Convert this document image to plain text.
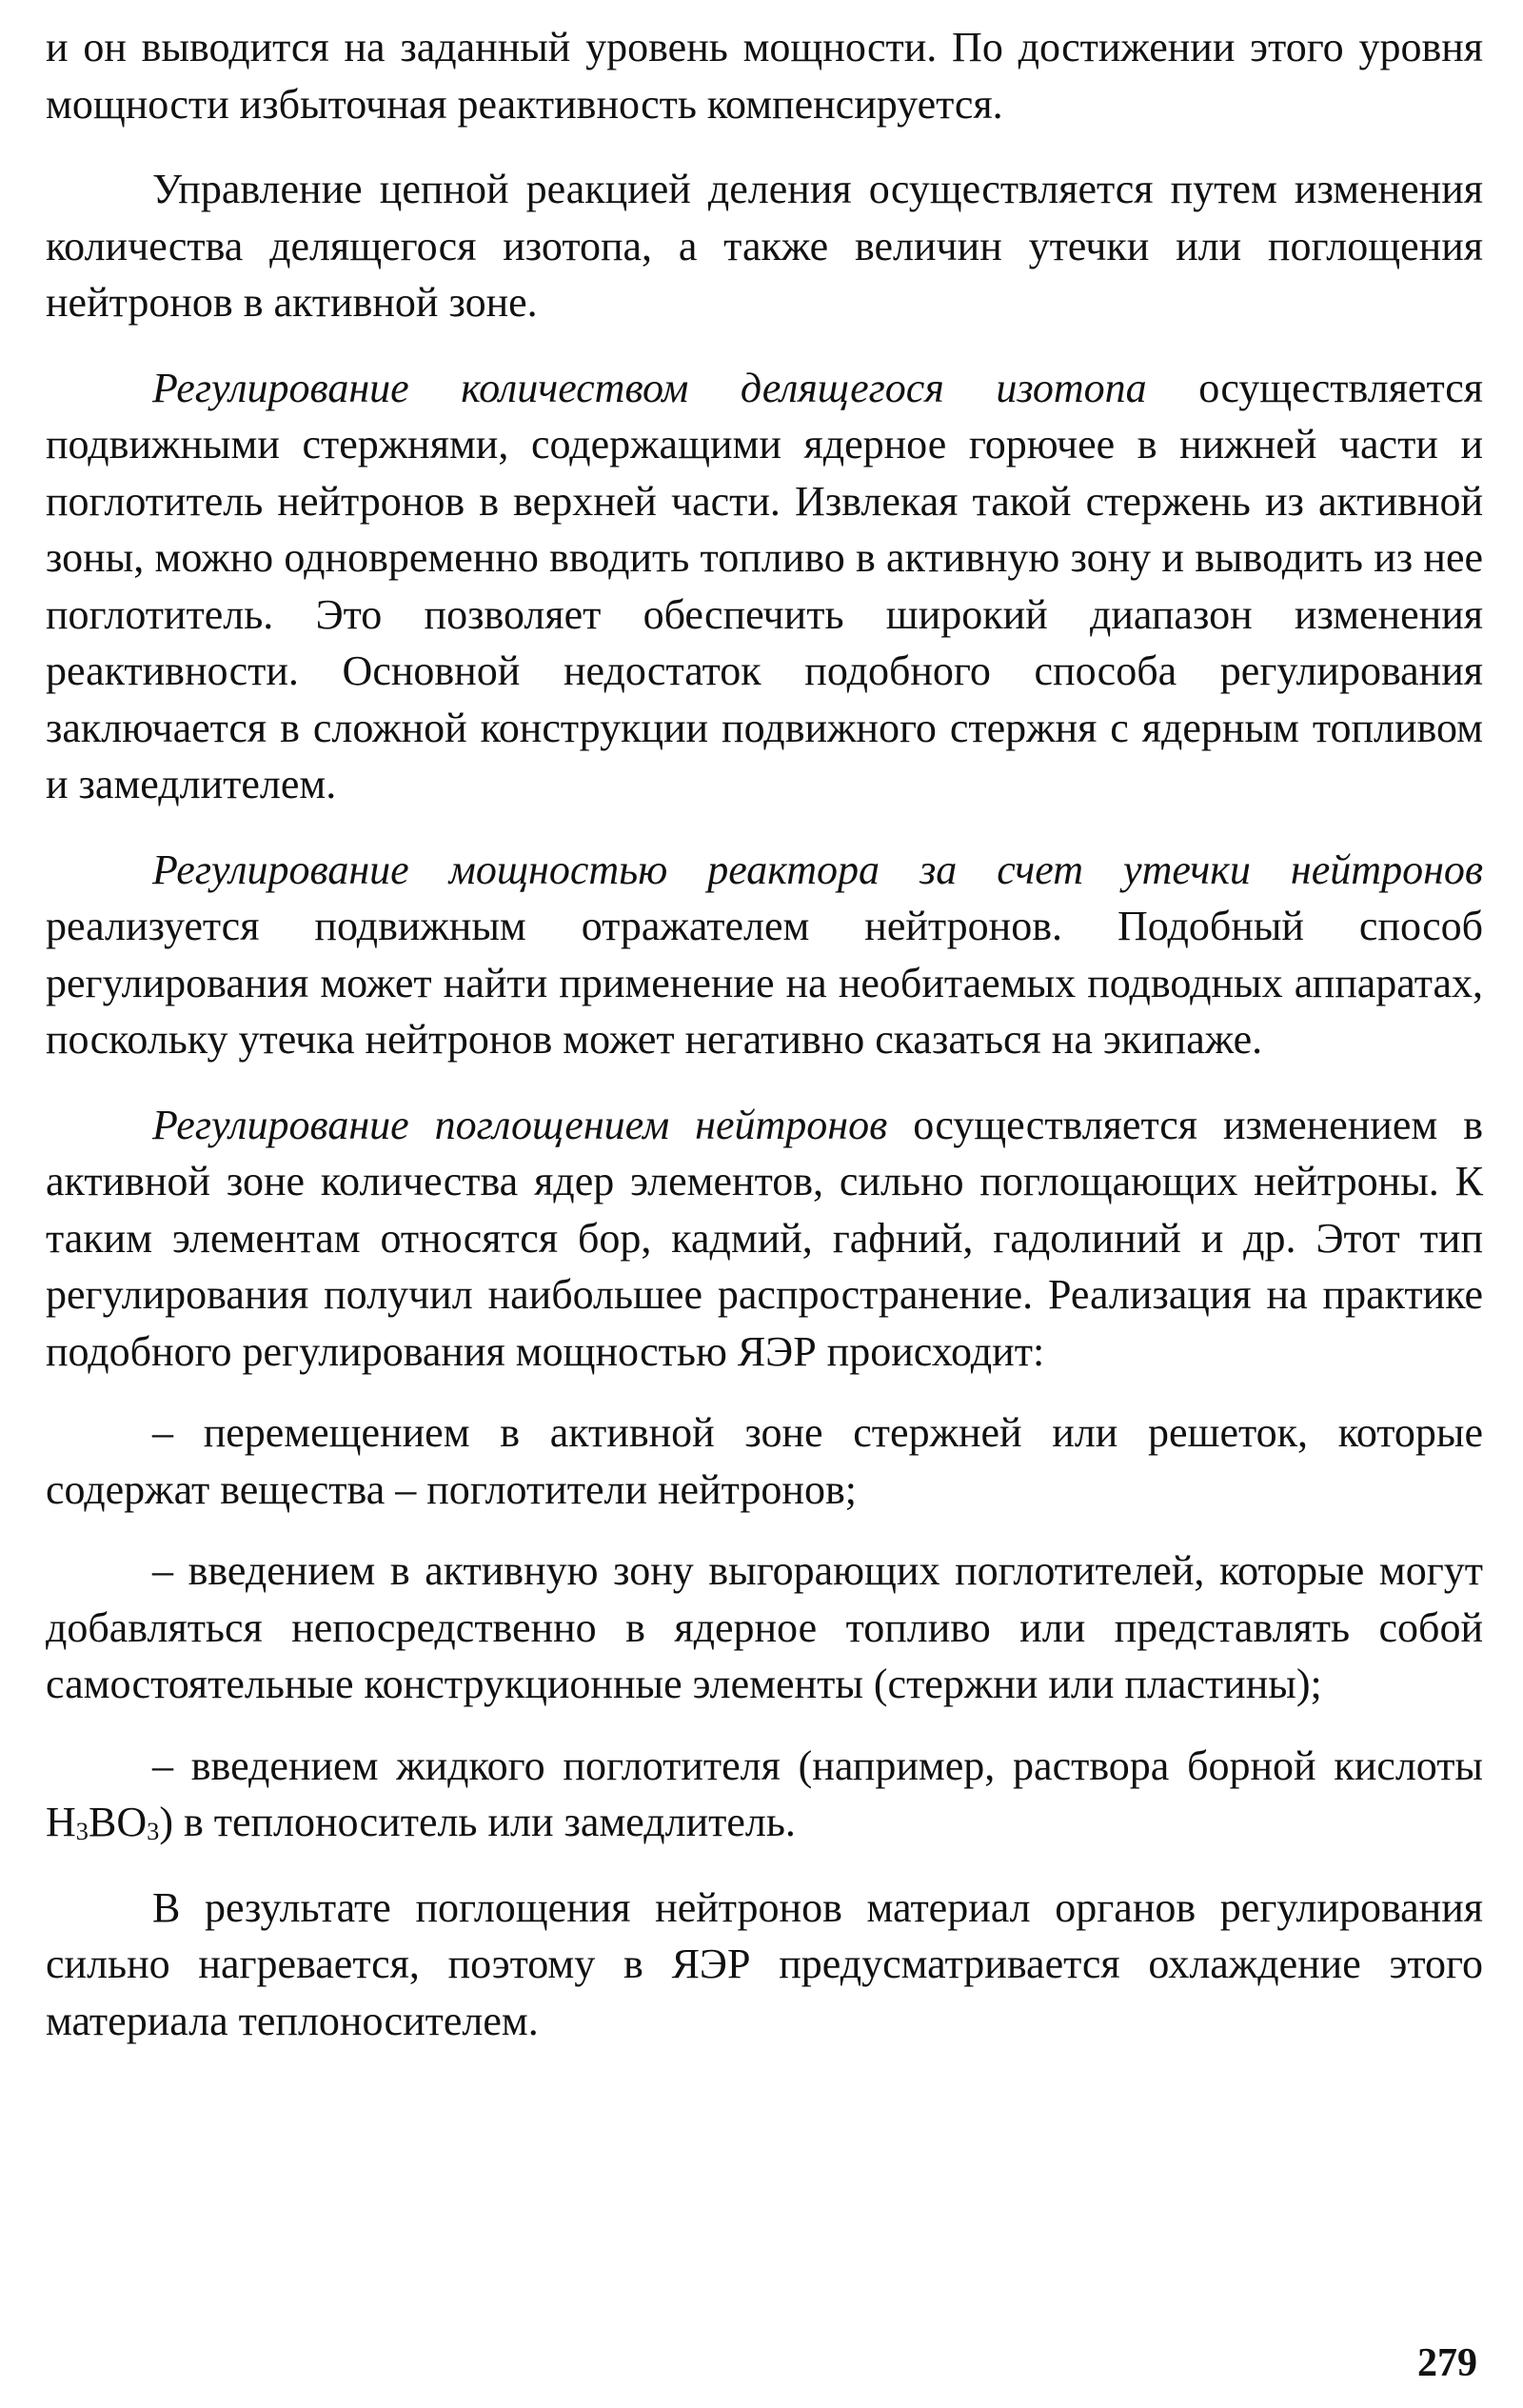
и он выводится на заданный уровень мощности. По достижении этого уровня мощности избыточная реактивность компенсируется.

Управление цепной реакцией деления осуществляется путем изменения количества делящегося изотопа, а также величин утечки или поглощения нейтронов в активной зоне.

Регулирование количеством делящегося изотопа осуществляется подвижными стержнями, содержащими ядерное горючее в нижней части и поглотитель нейтронов в верхней части. Извлекая такой стержень из активной зоны, можно одновременно вводить топливо в активную зону и выводить из нее поглотитель. Это позволяет обеспечить широкий диапазон изменения реактивности. Основной недостаток подобного способа регулирования заключается в сложной конструкции подвижного стержня с ядерным топливом и замедлителем.

Регулирование мощностью реактора за счет утечки нейтронов реализуется подвижным отражателем нейтронов. Подобный способ регулирования может найти применение на необитаемых подводных аппаратах, поскольку утечка нейтронов может негативно сказаться на экипаже.

Регулирование поглощением нейтронов осуществляется изменением в активной зоне количества ядер элементов, сильно поглощающих нейтроны. К таким элементам относятся бор, кадмий, гафний, гадолиний и др. Этот тип регулирования получил наибольшее распространение. Реализация на практике подобного регулирования мощностью ЯЭР происходит:

– перемещением в активной зоне стержней или решеток, которые содержат вещества – поглотители нейтронов;

– введением в активную зону выгорающих поглотителей, которые могут добавляться непосредственно в ядерное топливо или представлять собой самостоятельные конструкционные элементы (стержни или пластины);

– введением жидкого поглотителя (например, раствора борной кислоты $H_3BO_3$) в теплоноситель или замедлитель.

В результате поглощения нейтронов материал органов регулирования сильно нагревается, поэтому в ЯЭР предусматривается охлаждение этого материала теплоносителем.

279
